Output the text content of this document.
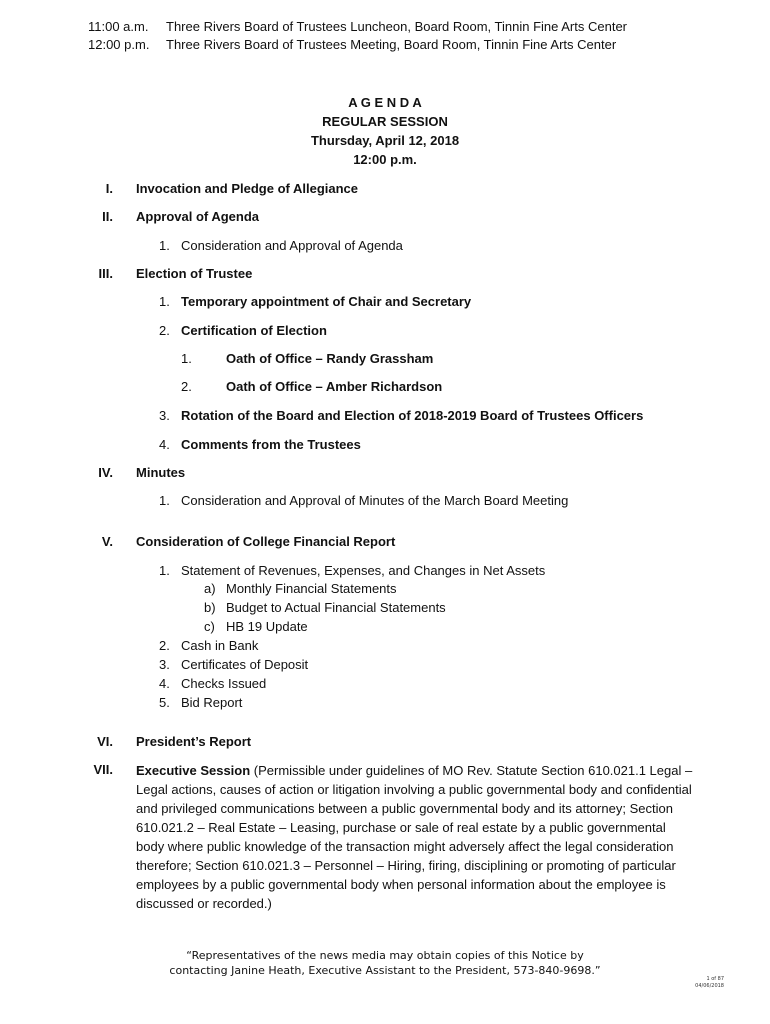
11:00 a.m. Three Rivers Board of Trustees Luncheon, Board Room, Tinnin Fine Arts Center
12:00 p.m. Three Rivers Board of Trustees Meeting, Board Room, Tinnin Fine Arts Center
A G E N D A
REGULAR SESSION
Thursday, April 12, 2018
12:00 p.m.
I. Invocation and Pledge of Allegiance
II. Approval of Agenda
1. Consideration and Approval of Agenda
III. Election of Trustee
1. Temporary appointment of Chair and Secretary
2. Certification of Election
1.	Oath of Office – Randy Grassham
2.	Oath of Office – Amber Richardson
3. Rotation of the Board and Election of 2018-2019 Board of Trustees Officers
4. Comments from the Trustees
IV. Minutes
1. Consideration and Approval of Minutes of the March Board Meeting
V. Consideration of College Financial Report
1. Statement of Revenues, Expenses, and Changes in Net Assets
a) Monthly Financial Statements
b) Budget to Actual Financial Statements
c) HB 19 Update
2. Cash in Bank
3. Certificates of Deposit
4. Checks Issued
5. Bid Report
VI. President’s Report
VII. Executive Session (Permissible under guidelines of MO Rev. Statute Section 610.021.1 Legal – Legal actions, causes of action or litigation involving a public governmental body and confidential and privileged communications between a public governmental body and its attorney; Section 610.021.2 – Real Estate – Leasing, purchase or sale of real estate by a public governmental body where public knowledge of the transaction might adversely affect the legal consideration therefore; Section 610.021.3 – Personnel – Hiring, firing, disciplining or promoting of particular employees by a public governmental body when personal information about the employee is discussed or recorded.)
“Representatives of the news media may obtain copies of this Notice by
contacting Janine Heath, Executive Assistant to the President, 573-840-9698.”
1 of 87
04/06/2018
